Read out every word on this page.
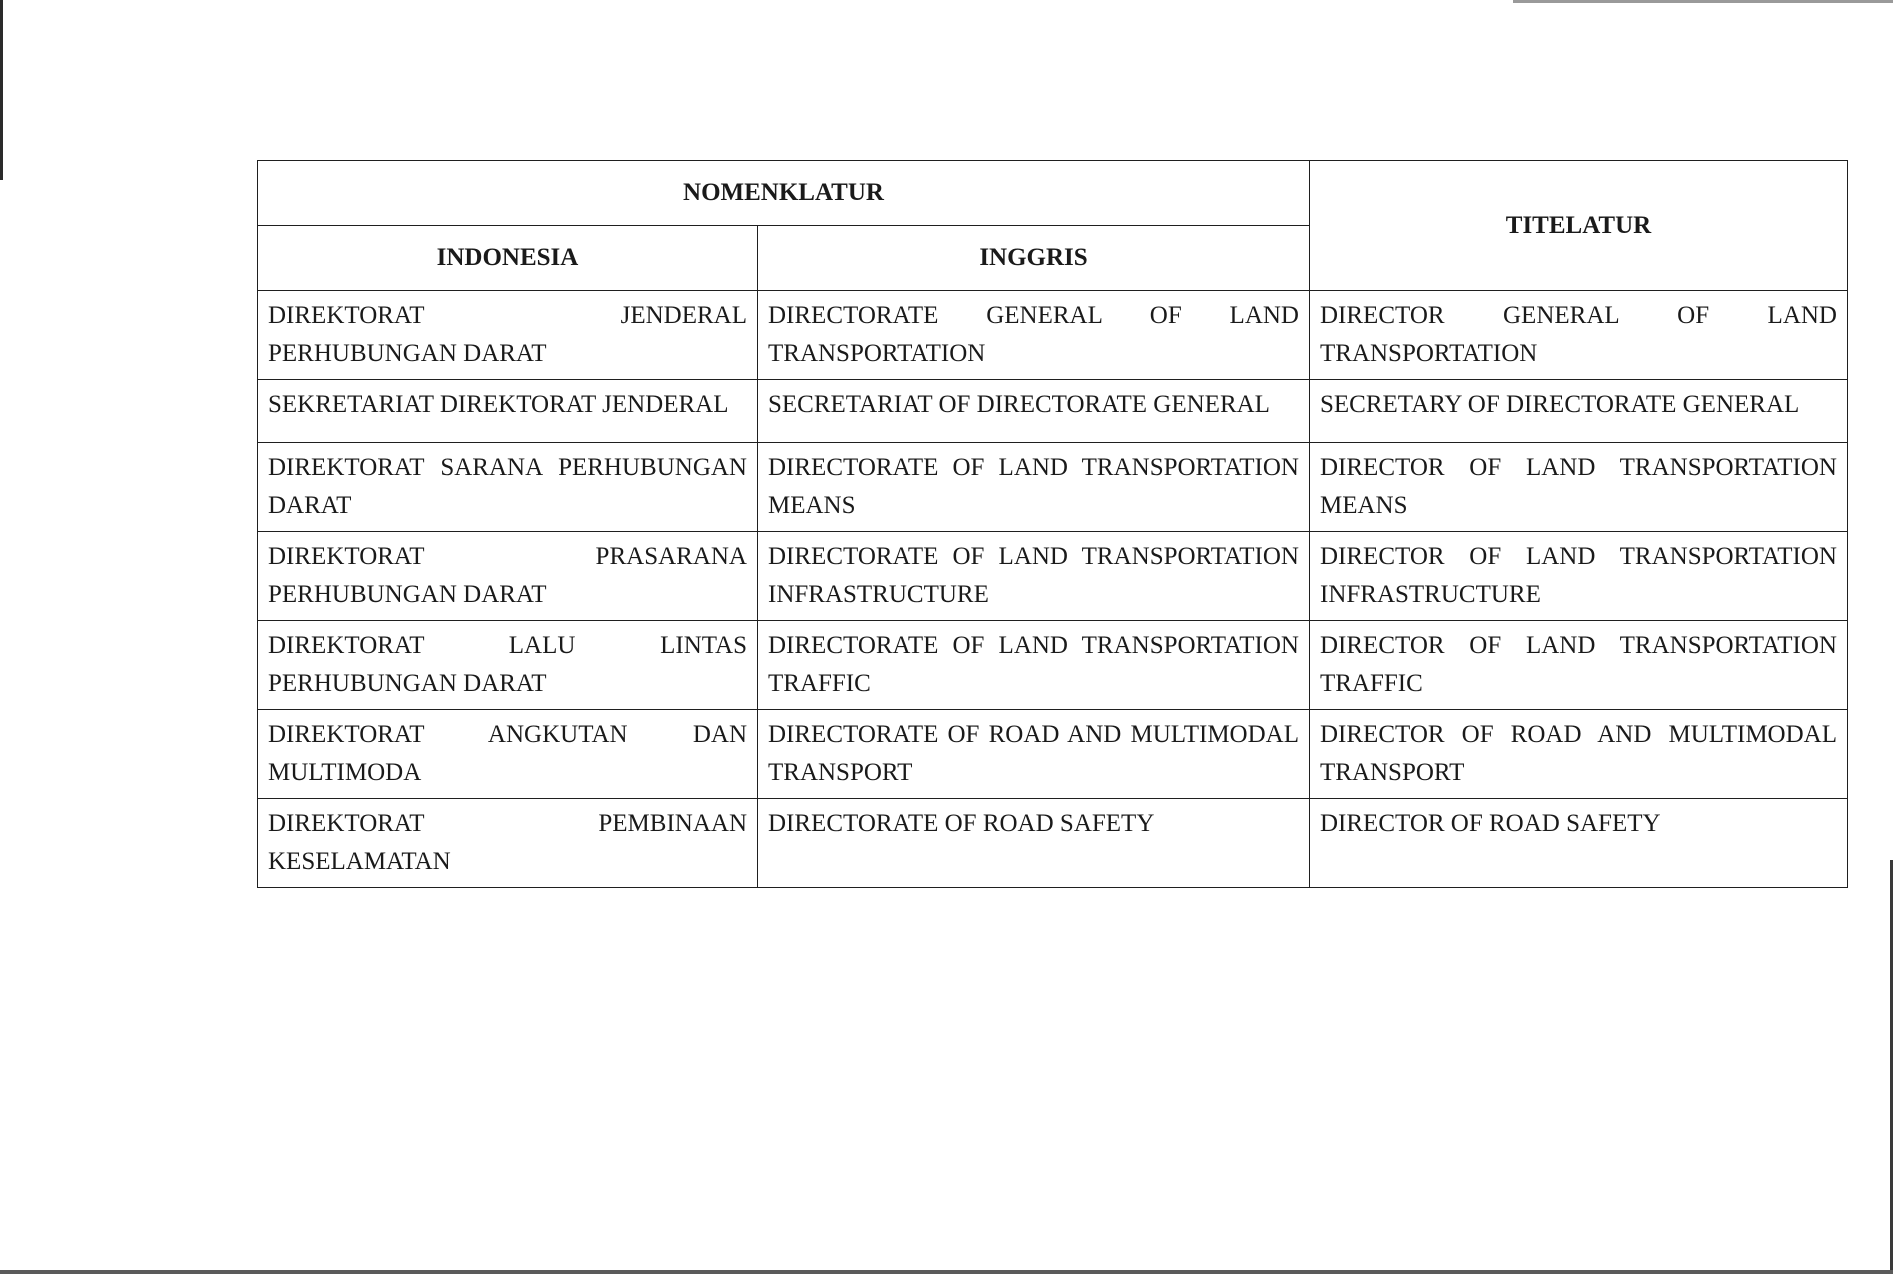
NOMENKLATUR		TITELATUR
INDONESIA	INGGRIS	
DIREKTORAT JENDERAL PERHUBUNGAN DARAT	DIRECTORATE GENERAL OF LAND TRANSPORTATION	DIRECTOR GENERAL OF LAND TRANSPORTATION
SEKRETARIAT DIREKTORAT JENDERAL	SECRETARIAT OF DIRECTORATE GENERAL	SECRETARY OF DIRECTORATE GENERAL
DIREKTORAT SARANA PERHUBUNGAN DARAT	DIRECTORATE OF LAND TRANSPORTATION MEANS	DIRECTOR OF LAND TRANSPORTATION MEANS
DIREKTORAT PRASARANA PERHUBUNGAN DARAT	DIRECTORATE OF LAND TRANSPORTATION INFRASTRUCTURE	DIRECTOR OF LAND TRANSPORTATION INFRASTRUCTURE
DIREKTORAT LALU LINTAS PERHUBUNGAN DARAT	DIRECTORATE OF LAND TRANSPORTATION TRAFFIC	DIRECTOR OF LAND TRANSPORTATION TRAFFIC
DIREKTORAT ANGKUTAN DAN MULTIMODA	DIRECTORATE OF ROAD AND MULTIMODAL TRANSPORT	DIRECTOR OF ROAD AND MULTIMODAL TRANSPORT
DIREKTORAT PEMBINAAN KESELAMATAN	DIRECTORATE OF ROAD SAFETY	DIRECTOR OF ROAD SAFETY
